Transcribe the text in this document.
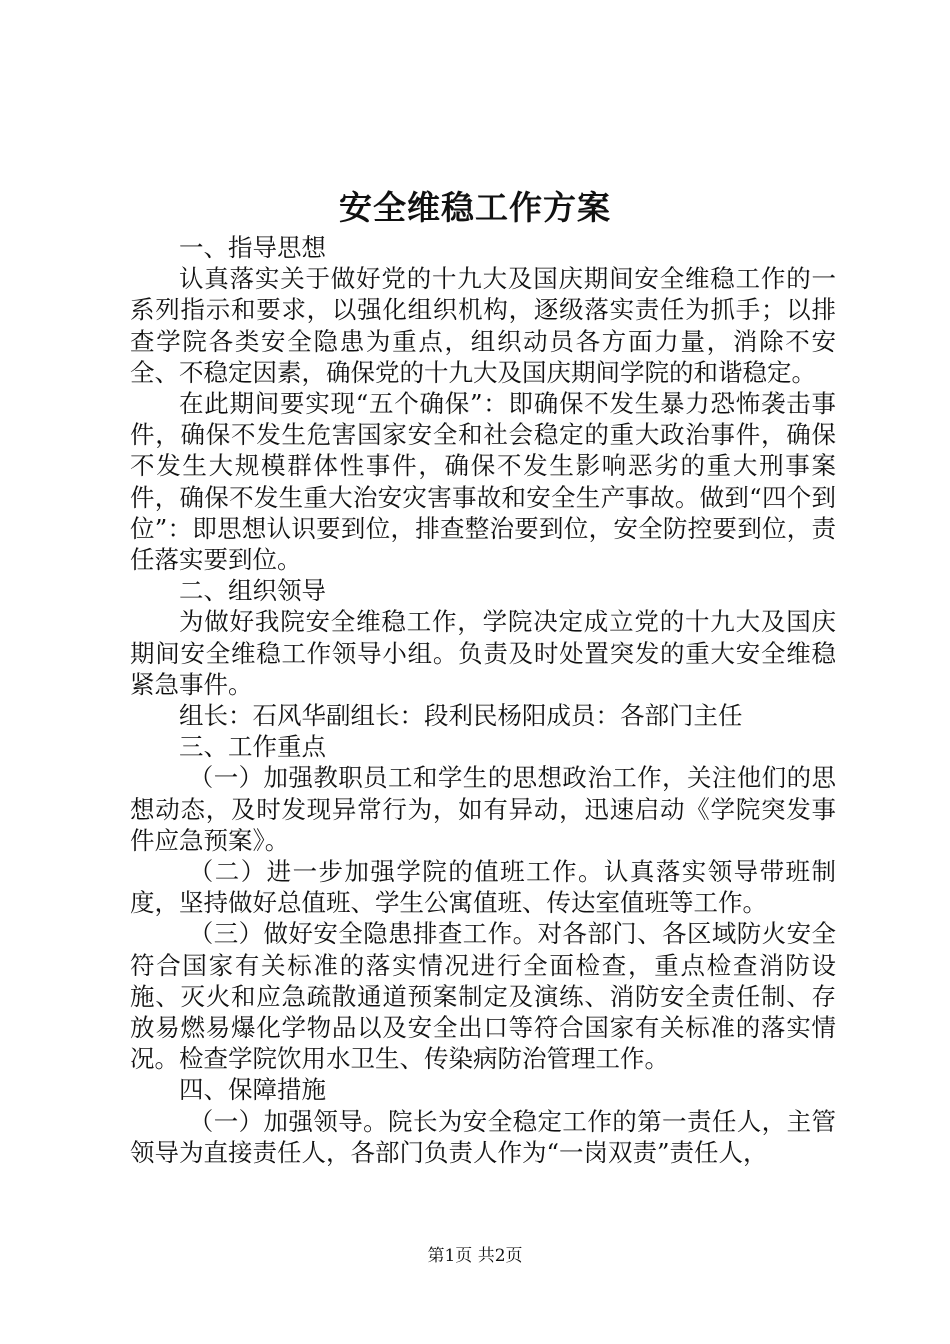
安全维稳工作方案

一、指导思想

认真落实关于做好党的十九大及国庆期间安全维稳工作的一系列指示和要求，以强化组织机构，逐级落实责任为抓手；以排查学院各类安全隐患为重点，组织动员各方面力量，消除不安全、不稳定因素，确保党的十九大及国庆期间学院的和谐稳定。

在此期间要实现“五个确保”：即确保不发生暴力恐怖袭击事件，确保不发生危害国家安全和社会稳定的重大政治事件，确保不发生大规模群体性事件，确保不发生影响恶劣的重大刑事案件，确保不发生重大治安灾害事故和安全生产事故。做到“四个到位”：即思想认识要到位，排查整治要到位，安全防控要到位，责任落实要到位。

二、组织领导

为做好我院安全维稳工作，学院决定成立党的十九大及国庆期间安全维稳工作领导小组。负责及时处置突发的重大安全维稳紧急事件。

组长：石风华副组长：段利民杨阳成员：各部门主任

三、工作重点

（一）加强教职员工和学生的思想政治工作，关注他们的思想动态，及时发现异常行为，如有异动，迅速启动《学院突发事件应急预案》。

（二）进一步加强学院的值班工作。认真落实领导带班制度，坚持做好总值班、学生公寓值班、传达室值班等工作。

（三）做好安全隐患排查工作。对各部门、各区域防火安全符合国家有关标准的落实情况进行全面检查，重点检查消防设施、灭火和应急疏散通道预案制定及演练、消防安全责任制、存放易燃易爆化学物品以及安全出口等符合国家有关标准的落实情况。检查学院饮用水卫生、传染病防治管理工作。

四、保障措施

（一）加强领导。院长为安全稳定工作的第一责任人，主管领导为直接责任人，各部门负责人作为“一岗双责”责任人，

第1页 共2页
